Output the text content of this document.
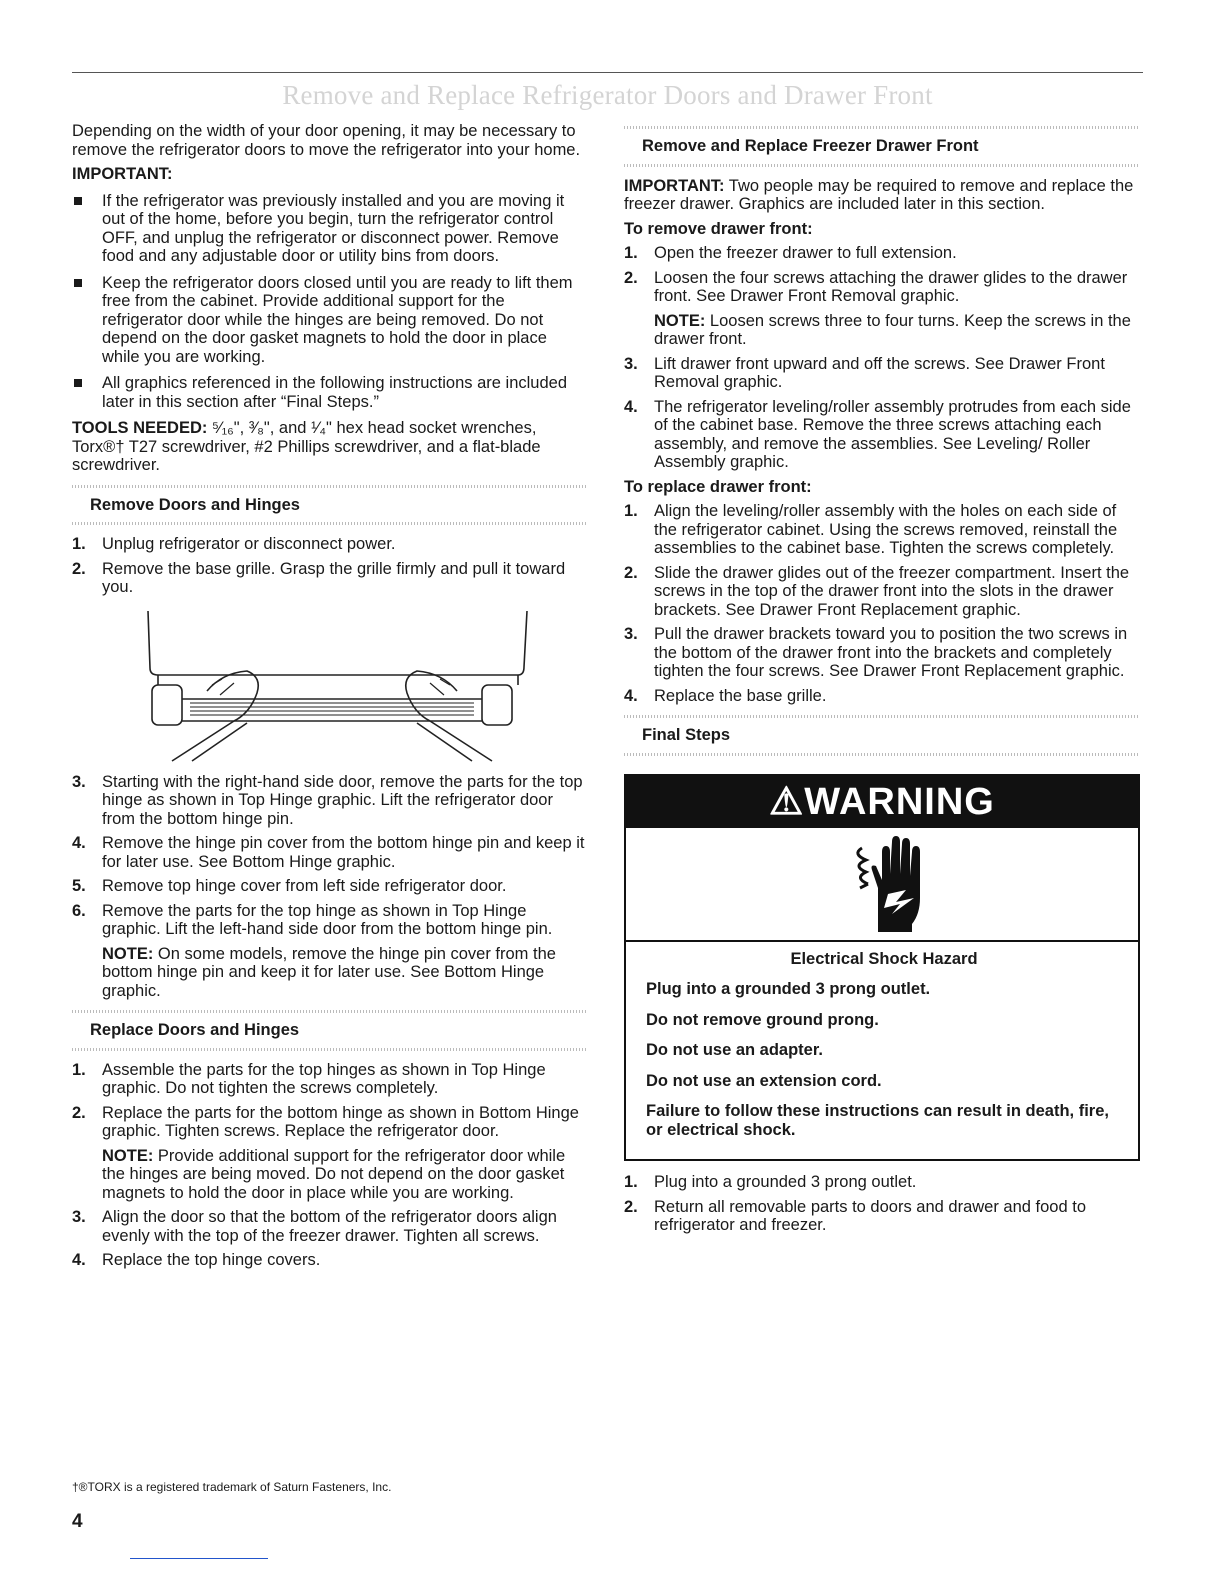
Remove and Replace Refrigerator Doors and Drawer Front

Depending on the width of your door opening, it may be necessary to remove the refrigerator doors to move the refrigerator into your home.

IMPORTANT:

If the refrigerator was previously installed and you are moving it out of the home, before you begin, turn the refrigerator control OFF, and unplug the refrigerator or disconnect power. Remove food and any adjustable door or utility bins from doors.
Keep the refrigerator doors closed until you are ready to lift them free from the cabinet. Provide additional support for the refrigerator door while the hinges are being removed. Do not depend on the door gasket magnets to hold the door in place while you are working.
All graphics referenced in the following instructions are included later in this section after “Final Steps.”

TOOLS NEEDED: ⁵⁄₁₆", ³⁄₈", and ¹⁄₄" hex head socket wrenches, Torx®† T27 screwdriver, #2 Phillips screwdriver, and a flat-blade screwdriver.

Remove Doors and Hinges
1. Unplug refrigerator or disconnect power.
2. Remove the base grille. Grasp the grille firmly and pull it toward you.
3. Starting with the right-hand side door, remove the parts for the top hinge as shown in Top Hinge graphic. Lift the refrigerator door from the bottom hinge pin.
4. Remove the hinge pin cover from the bottom hinge pin and keep it for later use. See Bottom Hinge graphic.
5. Remove top hinge cover from left side refrigerator door.
6. Remove the parts for the top hinge as shown in Top Hinge graphic. Lift the left-hand side door from the bottom hinge pin.
NOTE: On some models, remove the hinge pin cover from the bottom hinge pin and keep it for later use. See Bottom Hinge graphic.
Replace Doors and Hinges
1. Assemble the parts for the top hinges as shown in Top Hinge graphic. Do not tighten the screws completely.
2. Replace the parts for the bottom hinge as shown in Bottom Hinge graphic. Tighten screws. Replace the refrigerator door.
NOTE: Provide additional support for the refrigerator door while the hinges are being moved. Do not depend on the door gasket magnets to hold the door in place while you are working.
3. Align the door so that the bottom of the refrigerator doors align evenly with the top of the freezer drawer. Tighten all screws.
4. Replace the top hinge covers.
Remove and Replace Freezer Drawer Front

IMPORTANT: Two people may be required to remove and replace the freezer drawer. Graphics are included later in this section.

To remove drawer front:

1. Open the freezer drawer to full extension.
2. Loosen the four screws attaching the drawer glides to the drawer front. See Drawer Front Removal graphic.
NOTE: Loosen screws three to four turns. Keep the screws in the drawer front.
3. Lift drawer front upward and off the screws. See Drawer Front Removal graphic.
4. The refrigerator leveling/roller assembly protrudes from each side of the cabinet base. Remove the three screws attaching each assembly, and remove the assemblies. See Leveling/ Roller Assembly graphic.

To replace drawer front:

1. Align the leveling/roller assembly with the holes on each side of the refrigerator cabinet. Using the screws removed, reinstall the assemblies to the cabinet base. Tighten the screws completely.
2. Slide the drawer glides out of the freezer compartment. Insert the screws in the top of the drawer front into the slots in the drawer brackets. See Drawer Front Replacement graphic.
3. Pull the drawer brackets toward you to position the two screws in the bottom of the drawer front into the brackets and completely tighten the four screws. See Drawer Front Replacement graphic.
4. Replace the base grille.
Final Steps
⚠WARNING

Electrical Shock Hazard

Plug into a grounded 3 prong outlet.

Do not remove ground prong.

Do not use an adapter.

Do not use an extension cord.

Failure to follow these instructions can result in death, fire, or electrical shock.

1. Plug into a grounded 3 prong outlet.
2. Return all removable parts to doors and drawer and food to refrigerator and freezer.
†®TORX is a registered trademark of Saturn Fasteners, Inc.
4
